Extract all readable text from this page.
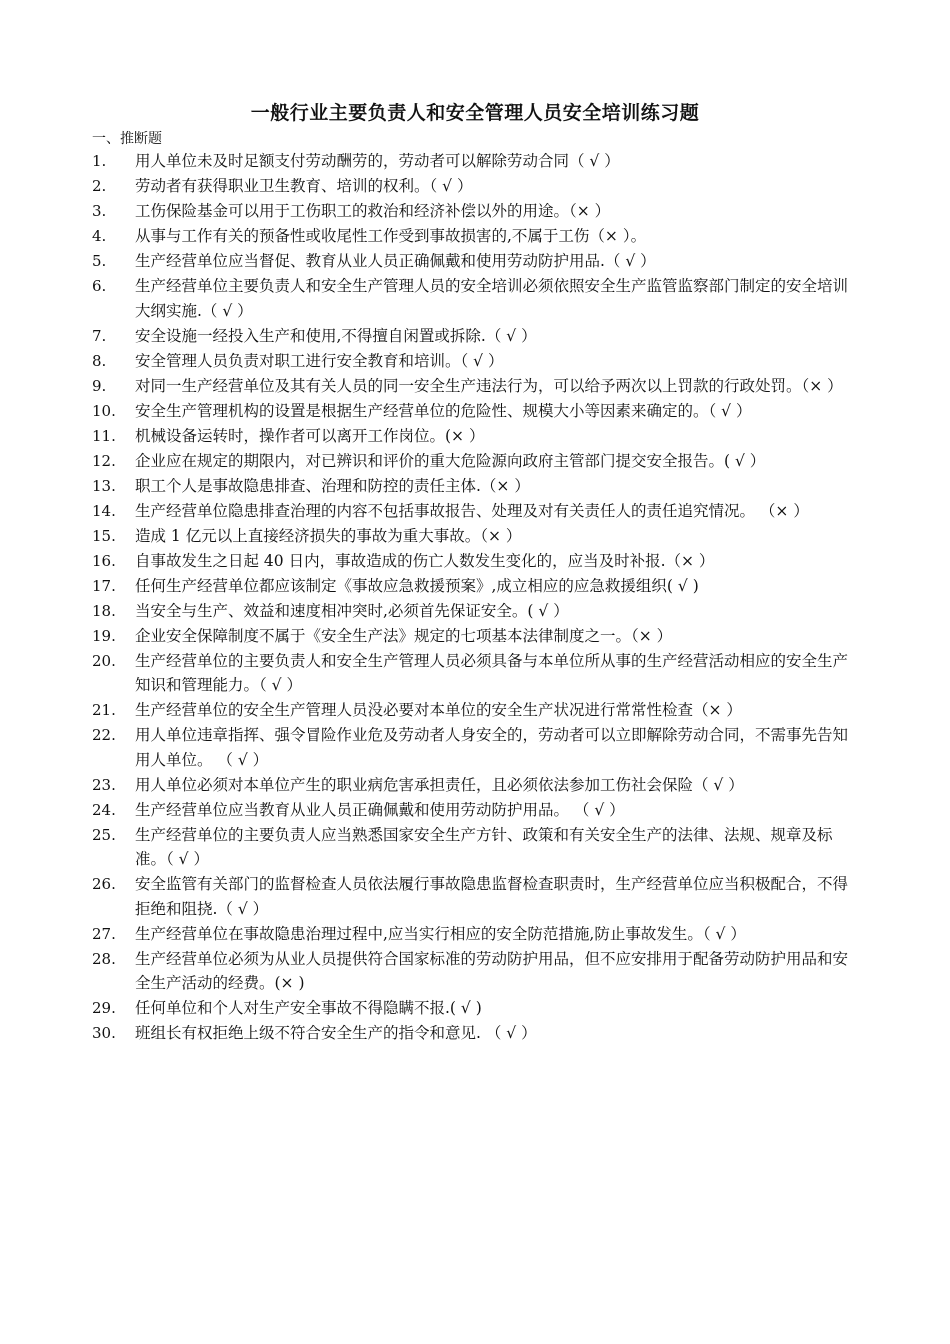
一般行业主要负责人和安全管理人员安全培训练习题
一、推断题
1.	用人单位未及时足额支付劳动酬劳的，劳动者可以解除劳动合同（ √ ）
2.	劳动者有获得职业卫生教育、培训的权利。（ √ ）
3.	工伤保险基金可以用于工伤职工的救治和经济补偿以外的用途。（× ）
4.	从事与工作有关的预备性或收尾性工作受到事故损害的,不属于工伤（× ）。
5.	生产经营单位应当督促、教育从业人员正确佩戴和使用劳动防护用品.（ √ ）
6.	生产经营单位主要负责人和安全生产管理人员的安全培训必须依照安全生产监管监察部门制定的安全培训大纲实施.（ √ ）
7.	安全设施一经投入生产和使用,不得擅自闲置或拆除.（ √ ）
8.	安全管理人员负责对职工进行安全教育和培训。（ √ ）
9.	对同一生产经营单位及其有关人员的同一安全生产违法行为，可以给予两次以上罚款的行政处罚。（× ）
10.	安全生产管理机构的设置是根据生产经营单位的危险性、规模大小等因素来确定的。（ √ ）
11.	机械设备运转时，操作者可以离开工作岗位。(× ）
12.	企业应在规定的期限内，对已辨识和评价的重大危险源向政府主管部门提交安全报告。( √ ）
13.	职工个人是事故隐患排查、治理和防控的责任主体.（× ）
14.	生产经营单位隐患排查治理的内容不包括事故报告、处理及对有关责任人的责任追究情况。 （× ）
15.	造成 1 亿元以上直接经济损失的事故为重大事故。（× ）
16.	自事故发生之日起 40 日内，事故造成的伤亡人数发生变化的，应当及时补报.（× ）
17.	任何生产经营单位都应该制定《事故应急救援预案》,成立相应的应急救援组织( √ )
18.	当安全与生产、效益和速度相冲突时,必须首先保证安全。( √ ）
19.	企业安全保障制度不属于《安全生产法》规定的七项基本法律制度之一。（× ）
20.	生产经营单位的主要负责人和安全生产管理人员必须具备与本单位所从事的生产经营活动相应的安全生产知识和管理能力。（ √ ）
21.	生产经营单位的安全生产管理人员没必要对本单位的安全生产状况进行常常性检查（× ）
22.	用人单位违章指挥、强令冒险作业危及劳动者人身安全的，劳动者可以立即解除劳动合同，不需事先告知用人单位。 （ √ ）
23.	用人单位必须对本单位产生的职业病危害承担责任，且必须依法参加工伤社会保险（ √ ）
24.	生产经营单位应当教育从业人员正确佩戴和使用劳动防护用品。 （ √ ）
25.	生产经营单位的主要负责人应当熟悉国家安全生产方针、政策和有关安全生产的法律、法规、规章及标准。（ √ ）
26.	安全监管有关部门的监督检查人员依法履行事故隐患监督检查职责时，生产经营单位应当积极配合，不得拒绝和阻挠.（ √ ）
27.	生产经营单位在事故隐患治理过程中,应当实行相应的安全防范措施,防止事故发生。（ √ ）
28.	生产经营单位必须为从业人员提供符合国家标准的劳动防护用品，但不应安排用于配备劳动防护用品和安全生产活动的经费。(× )
29.	任何单位和个人对生产安全事故不得隐瞒不报.( √ )
30.	班组长有权拒绝上级不符合安全生产的指令和意见. （ √ ）
